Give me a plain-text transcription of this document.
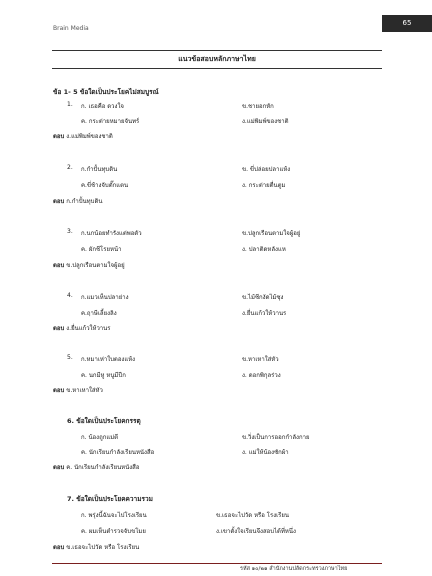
Brain Media
65
แนวข้อสอบหลักภาษาไทย
ข้อ 1- 5 ข้อใดเป็นประโยคไม่สมบูรณ์
1. ก. เธอคือ ดวงใจ	ข.ชายอกหัก
ค. กระต่ายหมายจันทร์	ง.แม่พิมพ์ของชาติ
ตอบ ง.แม่พิมพ์ของชาติ
2. ก.กำปั้นทุบดิน	ข. ขี่ปล่อยปลาแห้ง
ค.ขี่ช้างจับตั๊กแตน	ง. กระต่ายตื่นตูม
ตอบ ก.กำปั้นทุบดิน
3. ก.นกน้อยทำรังแต่พอตัว	ข.ปลูกเรือนตามใจผู้อยู่
ค. ผักชีโรยหน้า	ง. ปลาติดหลังแห
ตอบ ข.ปลูกเรือนตามใจผู้อยู่
4. ก.แมวเห็นปลาย่าง	ข.ไม้ซีกงัดไม้ซุง
ค.ฤาษีเลี้ยงลิง	ง.ยื่นแก้วให้วานร
ตอบ ง.ยื่นแก้วให้วานร
5. ก.หมาเห่าใบตองแห้ง	ข.หาเหาใส่หัว
ค. นกมีหู หนูมีปีก	ง. ดอกพิกุลร่วง
ตอบ ข.หาเหาใส่หัว
6. ข้อใดเป็นประโยคกรรตุ
ก. น้องถูกแม่ตี	ข.วิ่งเป็นการออกกำลังกาย
ค. นักเรียนกำลังเรียนหนังสือ	ง. แม่ให้น้องซักผ้า
ตอบ ค. นักเรียนกำลังเรียนหนังสือ
7. ข้อใดเป็นประโยคความรวม
ก. พรุ่งนี้ฉันจะไปโรงเรียน	ข.เธอจะไปวัด หรือ โรงเรียน
ค. ผมเห็นตำรวจจับขโมย	ง.เขาตั้งใจเรียนจึงสอบได้ที่หนึ่ง
ตอบ ข.เธอจะไปวัด หรือ โรงเรียน
รหัส ๑๐/๒๑ สำนักงานปลัดกระทรวงภาษาไทย
